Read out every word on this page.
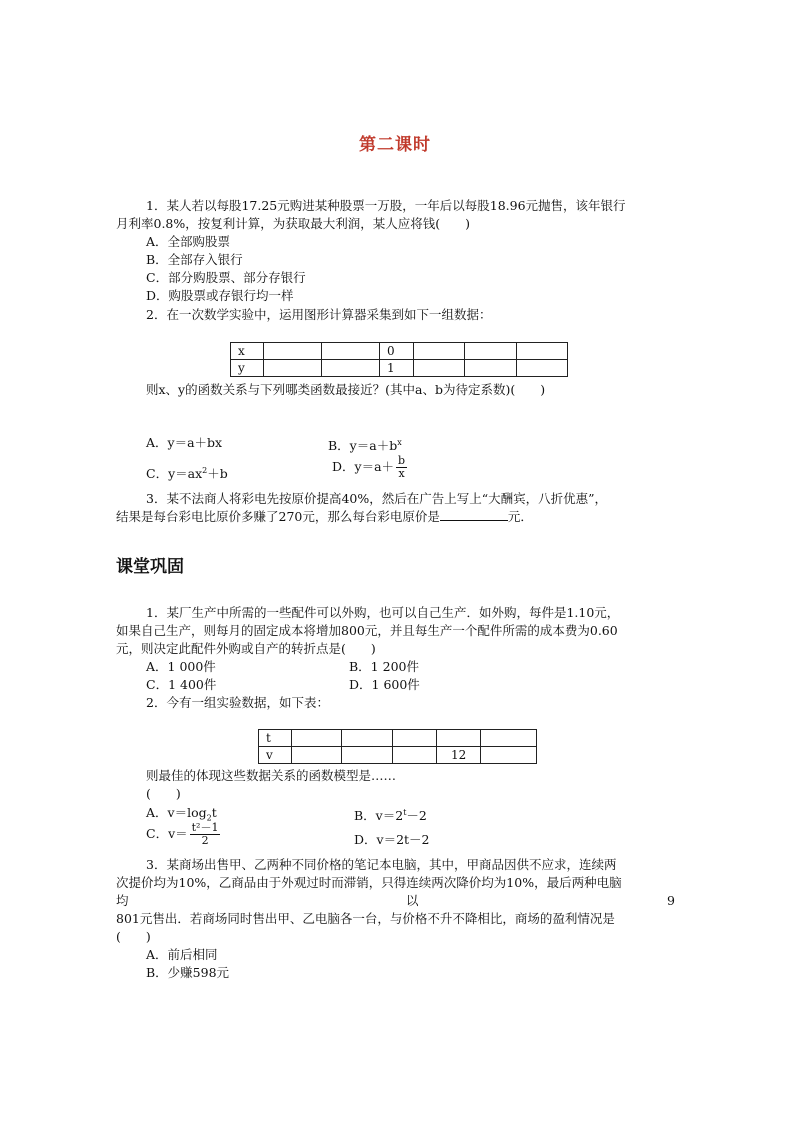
第二课时
1．某人若以每股17.25元购进某种股票一万股，一年后以每股18.96元抛售，该年银行
月利率0.8%，按复利计算，为获取最大利润，某人应将钱(　　)
A．全部购股票
B．全部存入银行
C．部分购股票、部分存银行
D．购股票或存银行均一样
2．在一次数学实验中，运用图形计算器采集到如下一组数据：
x			0			
y			1			
则x、y的函数关系与下列哪类函数最接近？(其中a、b为待定系数)(　　)
A．y＝a＋bx	B．$y=a+b^x$
C．$y=ax^2+b$	D．$y=a+ \frac{b}{x}$
3．某不法商人将彩电先按原价提高40%，然后在广告上写上“大酬宾，八折优惠”，
结果是每台彩电比原价多赚了270元，那么每台彩电原价是	元．
课堂巩固
1．某厂生产中所需的一些配件可以外购，也可以自己生产．如外购，每件是1.10元，
如果自己生产，则每月的固定成本将增加800元，并且每生产一个配件所需的成本费为0.60
元，则决定此配件外购或自产的转折点是(　　)
A．1 000件	B．1 200件
C．1 400件	D．1 600件
2．今有一组实验数据，如下表：
t					
v				12	
则最佳的体现这些数据关系的函数模型是……
(　　)
A．$v=\log_2t$	B．$v=2^t-2$
C．$v= \frac{\text{t²－1}}{2}$	D．v＝2t－2
3．某商场出售甲、乙两种不同价格的笔记本电脑，其中，甲商品因供不应求，连续两
次提价均为10%，乙商品由于外观过时而滞销，只得连续两次降价均为10%，最后两种电脑
均	以	9
801元售出．若商场同时售出甲、乙电脑各一台，与价格不升不降相比，商场的盈利情况是
(　　)
A．前后相同
B．少赚598元
